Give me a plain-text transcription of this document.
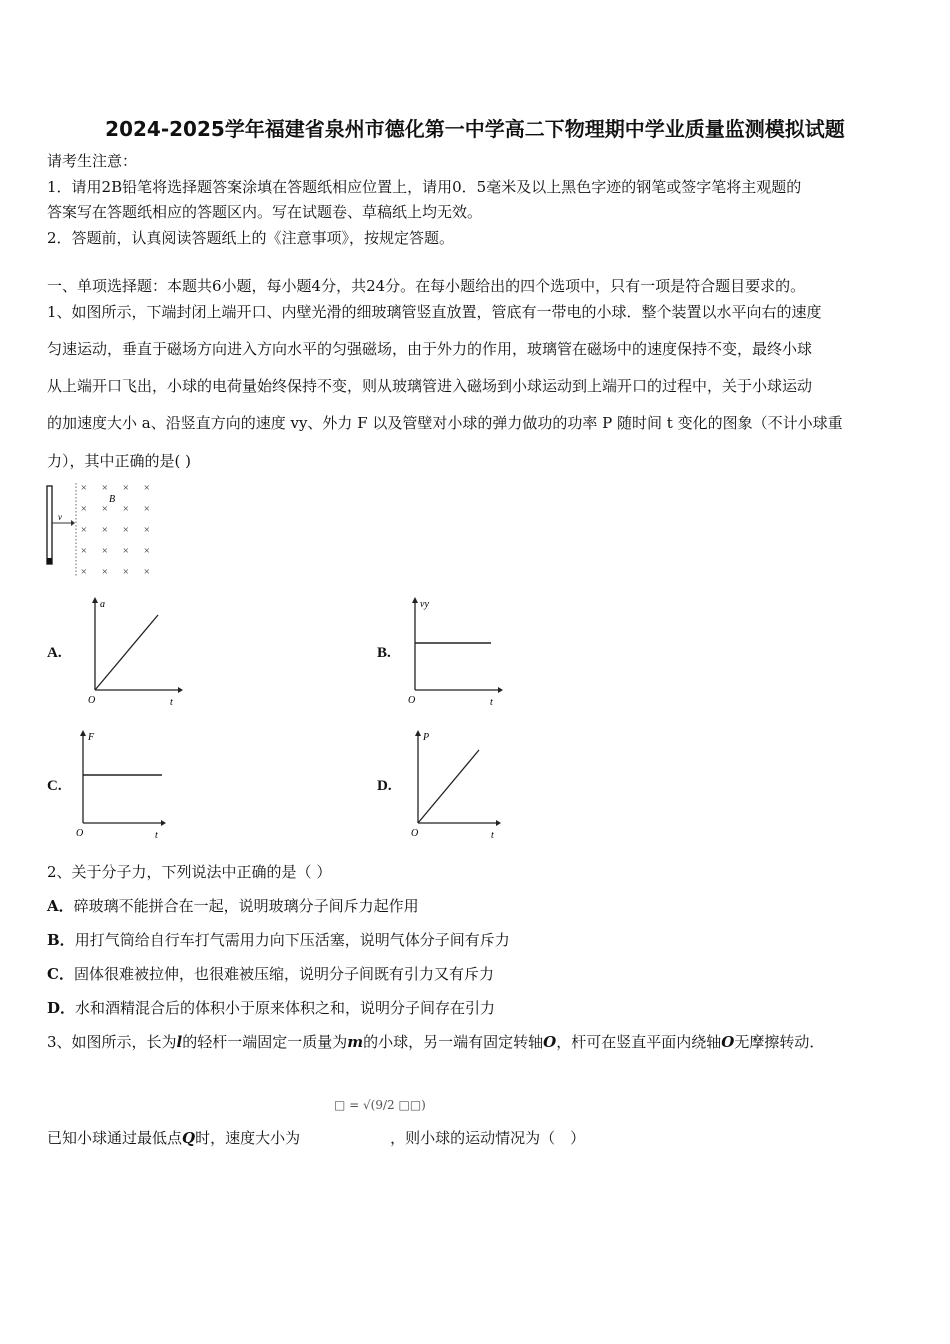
2024-2025学年福建省泉州市德化第一中学高二下物理期中学业质量监测模拟试题
请考生注意：
1．请用2B铅笔将选择题答案涂填在答题纸相应位置上，请用0．5毫米及以上黑色字迹的钢笔或签字笔将主观题的
答案写在答题纸相应的答题区内。写在试题卷、草稿纸上均无效。
2．答题前，认真阅读答题纸上的《注意事项》，按规定答题。
一、单项选择题：本题共6小题，每小题4分，共24分。在每小题给出的四个选项中，只有一项是符合题目要求的。
1、如图所示，下端封闭上端开口、内壁光滑的细玻璃管竖直放置，管底有一带电的小球．整个装置以水平向右的速度
匀速运动，垂直于磁场方向进入方向水平的匀强磁场，由于外力的作用，玻璃管在磁场中的速度保持不变，最终小球
从上端开口飞出，小球的电荷量始终保持不变，则从玻璃管进入磁场到小球运动到上端开口的过程中，关于小球运动
的加速度大小 a、沿竖直方向的速度 vy、外力 F 以及管壁对小球的弹力做功的功率 P 随时间 t 变化的图象（不计小球重
力），其中正确的是( )
v
B
× × × ×
× × × ×
× × × ×
× × × ×
× × × ×
A.
a
O	t
B.
vy
O	t
C.
F
O	t
D.
P
O	t
2、关于分子力，下列说法中正确的是（ ）
A．碎玻璃不能拼合在一起，说明玻璃分子间斥力起作用
B．用打气筒给自行车打气需用力向下压活塞，说明气体分子间有斥力
C．固体很难被拉伸，也很难被压缩，说明分子间既有引力又有斥力
D．水和酒精混合后的体积小于原来体积之和，说明分子间存在引力
3、如图所示，长为l的轻杆一端固定一质量为m的小球，另一端有固定转轴O，杆可在竖直平面内绕轴O无摩擦转动．
□ = √(9/2 □□)
已知小球通过最低点Q时，速度大小为	，则小球的运动情况为（　）
